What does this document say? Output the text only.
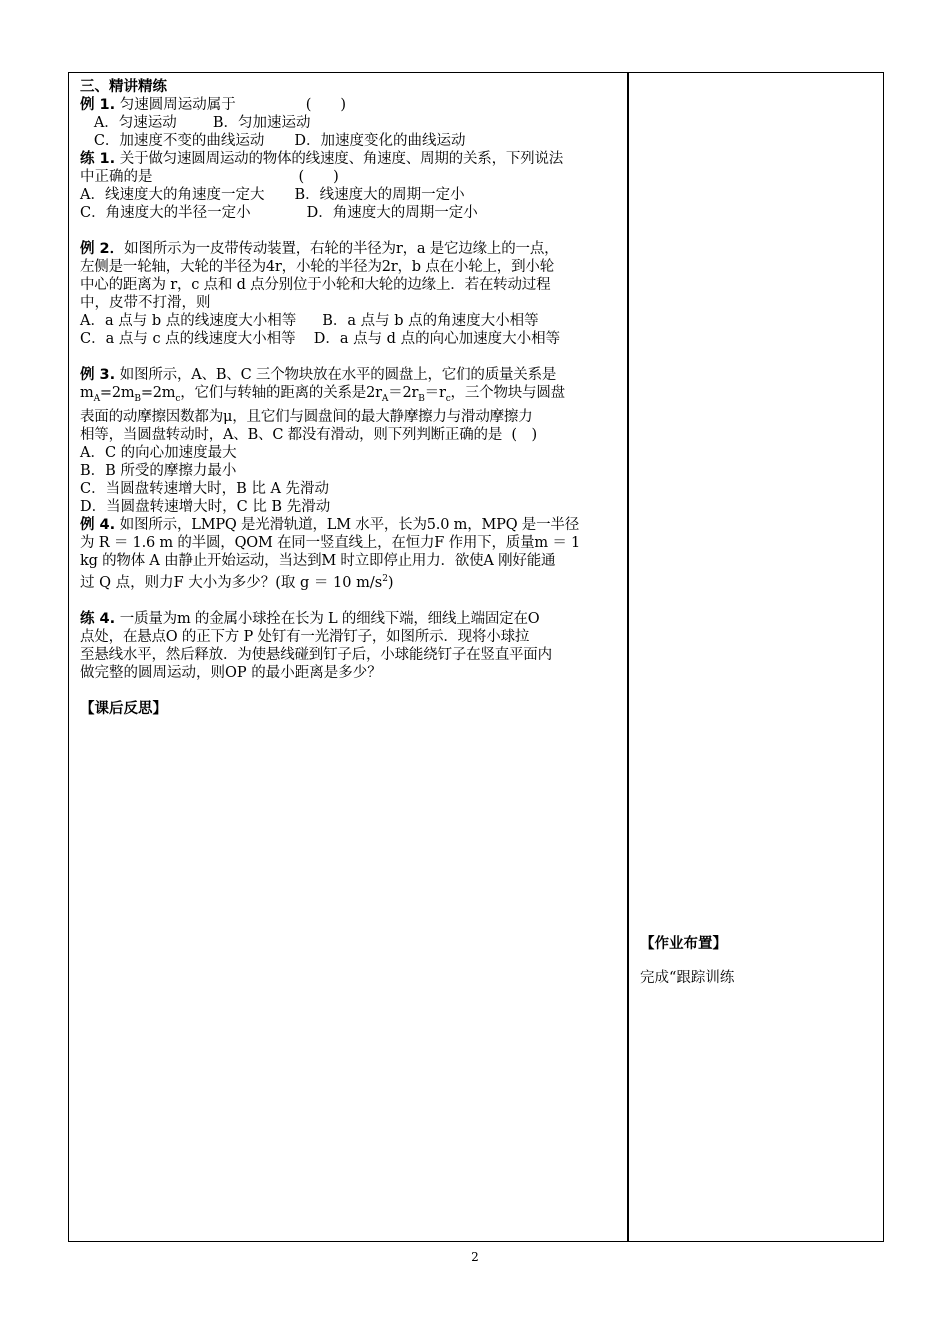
三、精讲精练

例 1. 匀速圆周运动属于	(　　)

A．匀速运动 B．匀加速运动

C．加速度不变的曲线运动 D．加速度变化的曲线运动

练 1. 关于做匀速圆周运动的物体的线速度、角速度、周期的关系，下列说法

中正确的是	(　　)

A．线速度大的角速度一定大 B．线速度大的周期一定小

C．角速度大的半径一定小	D．角速度大的周期一定小

例 2．如图所示为一皮带传动装置，右轮的半径为r，a 是它边缘上的一点，

左侧是一轮轴，大轮的半径为4r，小轮的半径为2r，b 点在小轮上，到小轮

中心的距离为 r，c 点和 d 点分别位于小轮和大轮的边缘上．若在转动过程

中，皮带不打滑，则

A．a 点与 b 点的线速度大小相等 B．a 点与 b 点的角速度大小相等

C．a 点与 c 点的线速度大小相等 D．a 点与 d 点的向心加速度大小相等

例 3. 如图所示，A、B、C 三个物块放在水平的圆盘上，它们的质量关系是

$m_A=2m_B=2m_c$，它们与转轴的距离的关系是$2r_A=2r_B=r_c$，三个物块与圆盘

表面的动摩擦因数都为μ，且它们与圆盘间的最大静摩擦力与滑动摩擦力

相等，当圆盘转动时，A、B、C 都没有滑动，则下列判断正确的是 (　)

A．C 的向心加速度最大

B．B 所受的摩擦力最小

C．当圆盘转速增大时，B 比 A 先滑动

D．当圆盘转速增大时，C 比 B 先滑动

例 4. 如图所示，LMPQ 是光滑轨道，LM 水平，长为5.0 m，MPQ 是一半径

为 R ＝ 1.6 m 的半圆，QOM 在同一竖直线上，在恒力F 作用下，质量m ＝ 1

kg 的物体 A 由静止开始运动，当达到M 时立即停止用力．欲使A 刚好能通

过 Q 点，则力F 大小为多少？(取 g ＝ 10 $m/s^2$)

练 4. 一质量为m 的金属小球拴在长为 L 的细线下端，细线上端固定在O

点处，在悬点O 的正下方 P 处钉有一光滑钉子，如图所示．现将小球拉

至悬线水平，然后释放．为使悬线碰到钉子后，小球能绕钉子在竖直平面内

做完整的圆周运动，则OP 的最小距离是多少？

【课后反思】

【作业布置】
完成“跟踪训练
2
